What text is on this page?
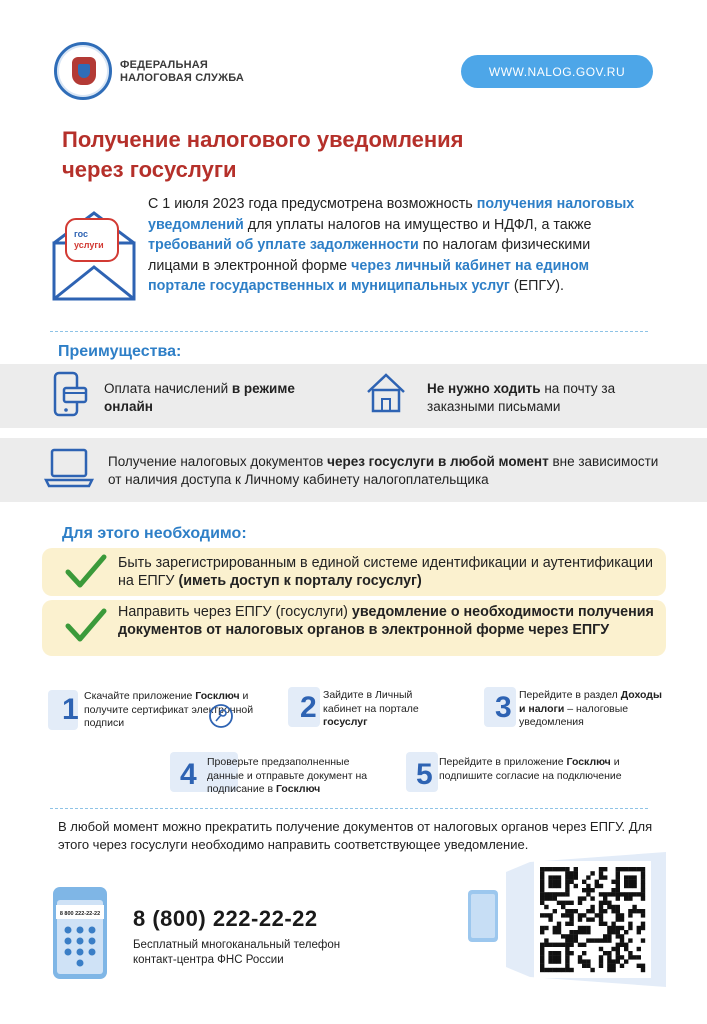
ФЕДЕРАЛЬНАЯ
НАЛОГОВАЯ СЛУЖБА	WWW.NALOG.GOV.RU
Получение налогового уведомления
через госуслуги
гос
услуги
С 1 июля 2023 года предусмотрена возможность получения налоговых уведомлений для уплаты налогов на имущество и НДФЛ, а также требований об уплате задолженности по налогам физическими лицами в электронной форме через личный кабинет на едином портале государственных и муниципальных услуг (ЕПГУ).
Преимущества:
Оплата начислений в режиме онлайн
Не нужно ходить на почту за заказными письмами
Получение налоговых документов через госуслуги в любой момент вне зависимости от наличия доступа к Личному кабинету налогоплательщика
Для этого необходимо:
Быть зарегистрированным в единой системе идентификации и аутентификации на ЕПГУ (иметь доступ к порталу госуслуг)
Направить через ЕПГУ (госуслуги) уведомление о необходимости получения документов от налоговых органов в электронной форме через ЕПГУ
1 Скачайте приложение Госключ и получите сертификат электронной подписи	2 Зайдите в Личный кабинет на портале госуслуг	3 Перейдите в раздел Доходы и налоги – налоговые уведомления
4 Проверьте предзаполненные данные и отправьте документ на подписание в Госключ	5 Перейдите в приложение Госключ и подпишите согласие на подключение
В любой момент можно прекратить получение документов от налоговых органов через ЕПГУ. Для этого через госуслуги необходимо направить соответствующее уведомление.
8 800 222-22-22 8 (800) 222-22-22
Бесплатный многоканальный телефон
контакт-центра ФНС России
